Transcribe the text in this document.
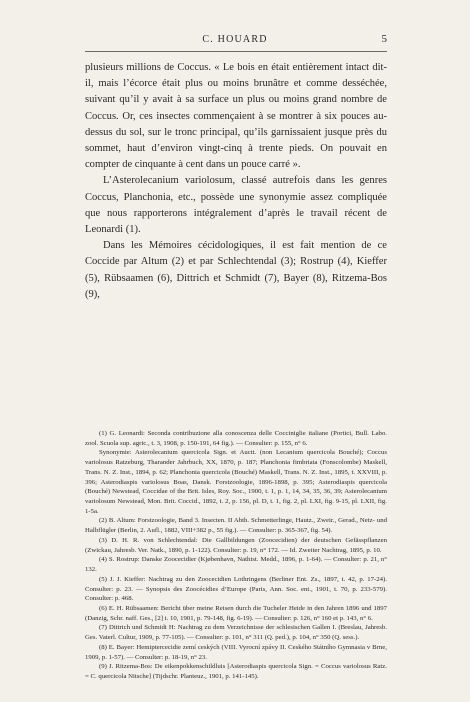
C. HOUARD	5

plusieurs millions de Coccus. « Le bois en était entièrement intact dit-il, mais l’écorce était plus ou moins brunâtre et comme desséchée, suivant qu’il y avait à sa surface un plus ou moins grand nombre de Coccus. Or, ces insectes commençaient à se montrer à six pouces au-dessus du sol, sur le tronc principal, qu’ils garnissaient jusque près du sommet, haut d’environ vingt-cinq à trente pieds. On pouvait en compter de cinquante à cent dans un pouce carré ».

L’Asterolecanium variolosum, classé autrefois dans les genres Coccus, Planchonia, etc., possède une synonymie assez compliquée que nous rapporterons intégralement d’après le travail récent de Leonardi (1).

Dans les Mémoires cécidologiques, il est fait mention de ce Coccide par Altum (2) et par Schlechtendal (3); Rostrup (4), Kieffer (5), Rübsaamen (6), Dittrich et Schmidt (7), Bayer (8), Ritzema-Bos (9),

(1) G. Leonardi: Seconda contribuzione alla conoscenza delle Cocciniglie italiane (Portici, Bull. Labo. zool. Scuola sup. agric., t. 3, 1908, p. 150-191, 64 fig.). — Consulter: p. 155, n° 6.

Synonymie: Asterolecanium quercicola Sign. et Auctt. (non Lecanium quercicola Bouché); Coccus variolosus Ratzeburg, Tharander Jahrbuch, XX, 1870, p. 187; Planchonia fimbriata (Fonscolombe) Maskell, Trans. N. Z. Inst., 1894, p. 62; Planchonia quercicola (Bouché) Maskell, Trans. N. Z. Inst., 1895, t. XXVIII, p. 396; Asterodiaspis variolosus Boas, Dansk. Forstzoologie, 1896-1898, p. 395; Asterodiaspis quercicola (Bouché) Newstead, Coccidae of the Brit. Isles, Roy. Soc., 1900, t. 1, p. 1, 14, 34, 35, 36, 39; Asterolecanium variolosum Newstead, Mon. Brit. Coccid., 1892, t. 2, p. 156, pl. D, t. 1, fig. 2, pl. LXI, fig. 9-15, pl. LXII, fig. 1-5a.

(2) B. Altum: Forstzoologie, Band 3. Insecten. II Abth. Schmetterlinge, Hautz., Zweir., Gerad., Netz- und Halbflügler (Berlin, 2. Aufl., 1882, VIII+382 p., 55 fig.). — Consulter: p. 365-367, fig. 54).

(3) D. H. R. von Schlechtendal: Die Gallbildungen (Zoocecidien) der deutschen Gefässpflanzen (Zwickau, Jahresb. Ver. Natk., 1890, p. 1-122). Consulter: p. 19, n° 172. — Id. Zweiter Nachtrag, 1895, p. 10.

(4) S. Rostrup: Danske Zoocecidier (Kjøbenhavn, Nathist. Medd., 1896, p. 1-64). — Consulter: p. 21, n° 132.

(5) J. J. Kieffer: Nachtrag zu den Zoocecidien Lothringens (Berliner Ent. Zs., 1897, t. 42, p. 17-24). Consulter: p. 23. — Synopsis des Zoocécidies d’Europe (Paris, Ann. Soc. ent., 1901, t. 70, p. 233-579). Consulter: p. 468.

(6) E. H. Rübsaamen: Bericht über meine Reisen durch die Tucheler Heide in den Jahren 1896 und 1897 (Danzig, Schr. naff. Ges., [2] t. 10, 1901, p. 79-148, fig. 6-19). — Consulter: p. 126, n° 160 et p. 143, n° 6.

(7) Dittrich und Schmidt H: Nachtrag zu dem Verzeichnisse der schlesischen Gallen I. (Breslau, Jahresb. Ges. Vaterl. Cultur, 1909, p. 77-105). — Consulter: p. 101, n° 311 (Q. ped.), p. 104, n° 350 (Q. sess.).

(8) E. Bayer: Hemiptercecidie zemí ceských (VIII. Vyrocní zpávy II. Ceského Státního Gymnasia v Brne, 1909, p. 1-57). — Consulter: p. 18-19, n° 23.

(9) J. Ritzema-Bos: De eikenpokkenschildluis [Asterodiaspis quercicola Sign. = Coccus variolosus Ratz. = C. quercicola Nitsche] (Tijdschr. Planteuz., 1901, p. 141-145).
